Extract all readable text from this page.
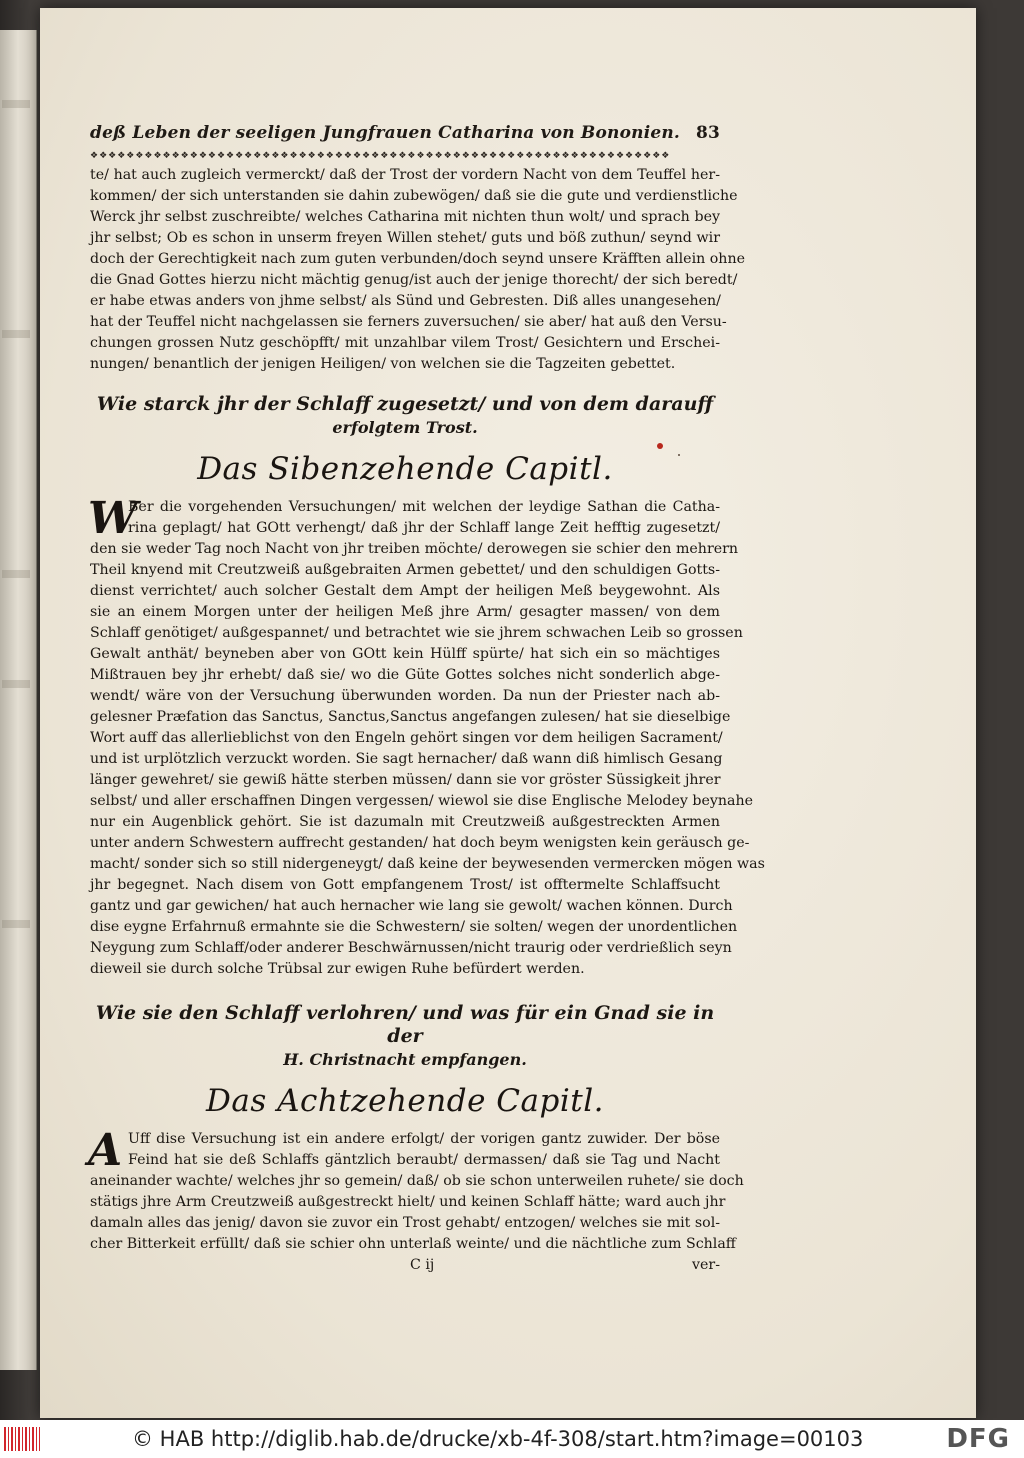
deß Leben der seeligen Jungfrauen Catharina von Bononien. 83
❖❖❖❖❖❖❖❖❖❖❖❖❖❖❖❖❖❖❖❖❖❖❖❖❖❖❖❖❖❖❖❖❖❖❖❖❖❖❖❖❖❖❖❖❖❖❖❖❖❖❖❖❖❖❖❖❖❖❖❖❖❖❖❖
te/ hat auch zugleich vermerckt/ daß der Trost der vordern Nacht von dem Teuffel her-
kommen/ der sich unterstanden sie dahin zubewögen/ daß sie die gute und verdienstliche
Werck jhr selbst zuschreibte/ welches Catharina mit nichten thun wolt/ und sprach bey
jhr selbst; Ob es schon in unserm freyen Willen stehet/ guts und böß zuthun/ seynd wir
doch der Gerechtigkeit nach zum guten verbunden/doch seynd unsere Kräfften allein ohne
die Gnad Gottes hierzu nicht mächtig genug/ist auch der jenige thorecht/ der sich beredt/
er habe etwas anders von jhme selbst/ als Sünd und Gebresten. Diß alles unangesehen/
hat der Teuffel nicht nachgelassen sie ferners zuversuchen/ sie aber/ hat auß den Versu-
chungen grossen Nutz geschöpfft/ mit unzahlbar vilem Trost/ Gesichtern und Erschei-
nungen/ benantlich der jenigen Heiligen/ von welchen sie die Tagzeiten gebettet.
Wie starck jhr der Schlaff zugesetzt/ und von dem darauff
erfolgtem Trost.
Das Sibenzehende Capitl.
W
Ber die vorgehenden Versuchungen/ mit welchen der leydige Sathan die Catha-
rina geplagt/ hat GOtt verhengt/ daß jhr der Schlaff lange Zeit hefftig zugesetzt/
den sie weder Tag noch Nacht von jhr treiben möchte/ derowegen sie schier den mehrern
Theil knyend mit Creutzweiß außgebraiten Armen gebettet/ und den schuldigen Gotts-
dienst verrichtet/ auch solcher Gestalt dem Ampt der heiligen Meß beygewohnt. Als
sie an einem Morgen unter der heiligen Meß jhre Arm/ gesagter massen/ von dem
Schlaff genötiget/ außgespannet/ und betrachtet wie sie jhrem schwachen Leib so grossen
Gewalt anthät/ beyneben aber von GOtt kein Hülff spürte/ hat sich ein so mächtiges
Mißtrauen bey jhr erhebt/ daß sie/ wo die Güte Gottes solches nicht sonderlich abge-
wendt/ wäre von der Versuchung überwunden worden. Da nun der Priester nach ab-
gelesner Præfation das Sanctus, Sanctus,Sanctus angefangen zulesen/ hat sie dieselbige
Wort auff das allerlieblichst von den Engeln gehört singen vor dem heiligen Sacrament/
und ist urplötzlich verzuckt worden. Sie sagt hernacher/ daß wann diß himlisch Gesang
länger gewehret/ sie gewiß hätte sterben müssen/ dann sie vor gröster Süssigkeit jhrer
selbst/ und aller erschaffnen Dingen vergessen/ wiewol sie dise Englische Melodey beynahe
nur ein Augenblick gehört. Sie ist dazumaln mit Creutzweiß außgestreckten Armen
unter andern Schwestern auffrecht gestanden/ hat doch beym wenigsten kein geräusch ge-
macht/ sonder sich so still nidergeneygt/ daß keine der beywesenden vermercken mögen was
jhr begegnet. Nach disem von Gott empfangenem Trost/ ist offtermelte Schlaffsucht
gantz und gar gewichen/ hat auch hernacher wie lang sie gewolt/ wachen können. Durch
dise eygne Erfahrnuß ermahnte sie die Schwestern/ sie solten/ wegen der unordentlichen
Neygung zum Schlaff/oder anderer Beschwärnussen/nicht traurig oder verdrießlich seyn
dieweil sie durch solche Trübsal zur ewigen Ruhe befürdert werden.
Wie sie den Schlaff verlohren/ und was für ein Gnad sie in der
H. Christnacht empfangen.
Das Achtzehende Capitl.
A Uff dise Versuchung ist ein andere erfolgt/ der vorigen gantz zuwider. Der böse
Feind hat sie deß Schlaffs gäntzlich beraubt/ dermassen/ daß sie Tag und Nacht
aneinander wachte/ welches jhr so gemein/ daß/ ob sie schon unterweilen ruhete/ sie doch
stätigs jhre Arm Creutzweiß außgestreckt hielt/ und keinen Schlaff hätte; ward auch jhr
damaln alles das jenig/ davon sie zuvor ein Trost gehabt/ entzogen/ welches sie mit sol-
cher Bitterkeit erfüllt/ daß sie schier ohn unterlaß weinte/ und die nächtliche zum Schlaff
C ij	ver-
© HAB http://diglib.hab.de/drucke/xb-4f-308/start.htm?image=00103	DFG
